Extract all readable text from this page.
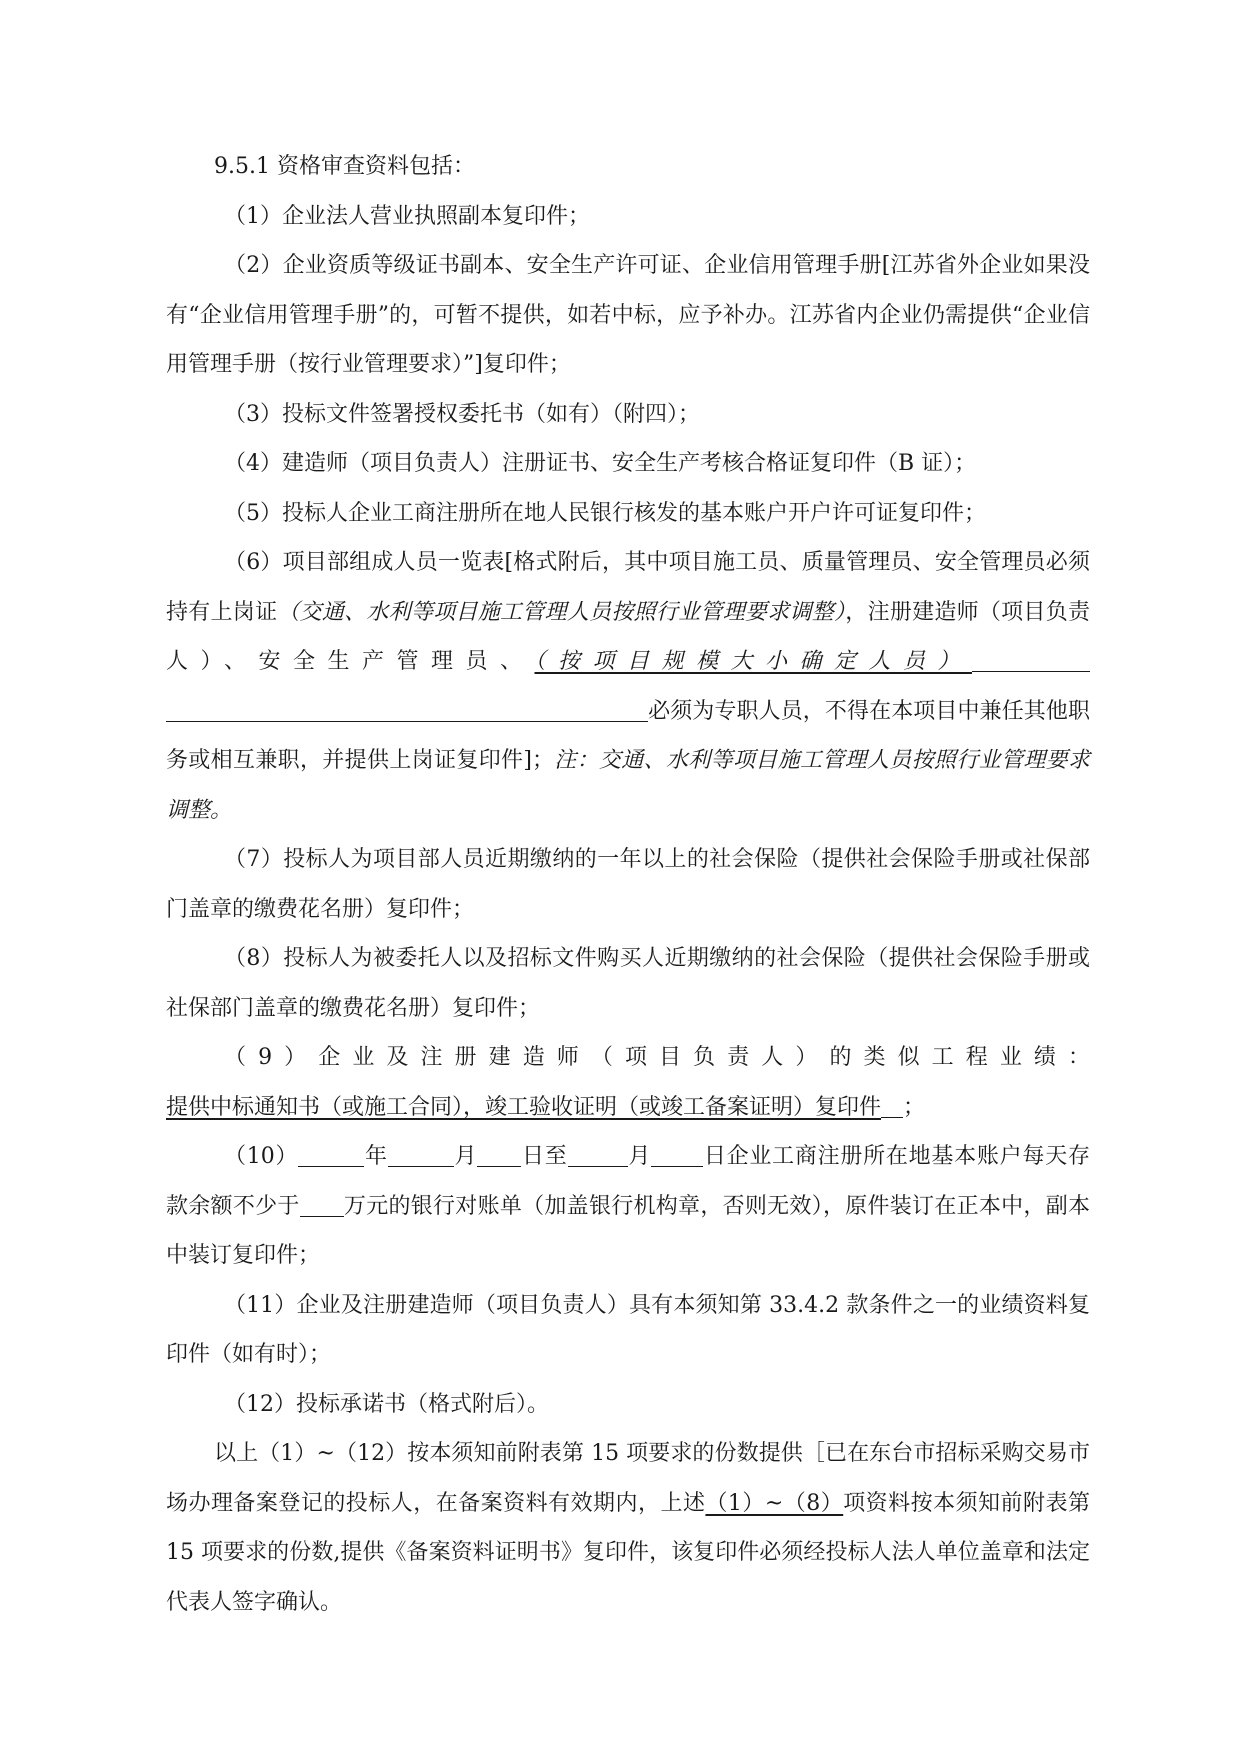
9.5.1 资格审查资料包括：

（1）企业法人营业执照副本复印件；

（2）企业资质等级证书副本、安全生产许可证、企业信用管理手册[江苏省外企业如果没有“企业信用管理手册”的，可暂不提供，如若中标，应予补办。江苏省内企业仍需提供“企业信用管理手册（按行业管理要求）”]复印件；

（3）投标文件签署授权委托书（如有）（附四）；

（4）建造师（项目负责人）注册证书、安全生产考核合格证复印件（B 证）；

（5）投标人企业工商注册所在地人民银行核发的基本账户开户许可证复印件；

（6）项目部组成人员一览表[格式附后，其中项目施工员、质量管理员、安全管理员必须持有上岗证（交通、水利等项目施工管理人员按照行业管理要求调整），注册建造师（项目负责人）、安全生产管理员、（按项目规模大小确定人员）必须为专职人员，不得在本项目中兼任其他职务或相互兼职，并提供上岗证复印件]；注：交通、水利等项目施工管理人员按照行业管理要求调整。

（7）投标人为项目部人员近期缴纳的一年以上的社会保险（提供社会保险手册或社保部门盖章的缴费花名册）复印件；

（8）投标人为被委托人以及招标文件购买人近期缴纳的社会保险（提供社会保险手册或社保部门盖章的缴费花名册）复印件；

（9）企业及注册建造师（项目负责人）的类似工程业绩：

提供中标通知书（或施工合同），竣工验收证明（或竣工备案证明）复印件 ；

（10）	年	月 日至	月 日企业工商注册所在地基本账户每天存款余额不少于 万元的银行对账单（加盖银行机构章，否则无效），原件装订在正本中，副本中装订复印件；

（11）企业及注册建造师（项目负责人）具有本须知第 33.4.2 款条件之一的业绩资料复印件（如有时）；

（12）投标承诺书（格式附后）。

以上（1）~（12）按本须知前附表第 15 项要求的份数提供［已在东台市招标采购交易市场办理备案登记的投标人，在备案资料有效期内，上述（1）~（8）项资料按本须知前附表第 15 项要求的份数,提供《备案资料证明书》复印件，该复印件必须经投标人法人单位盖章和法定代表人签字确认。
